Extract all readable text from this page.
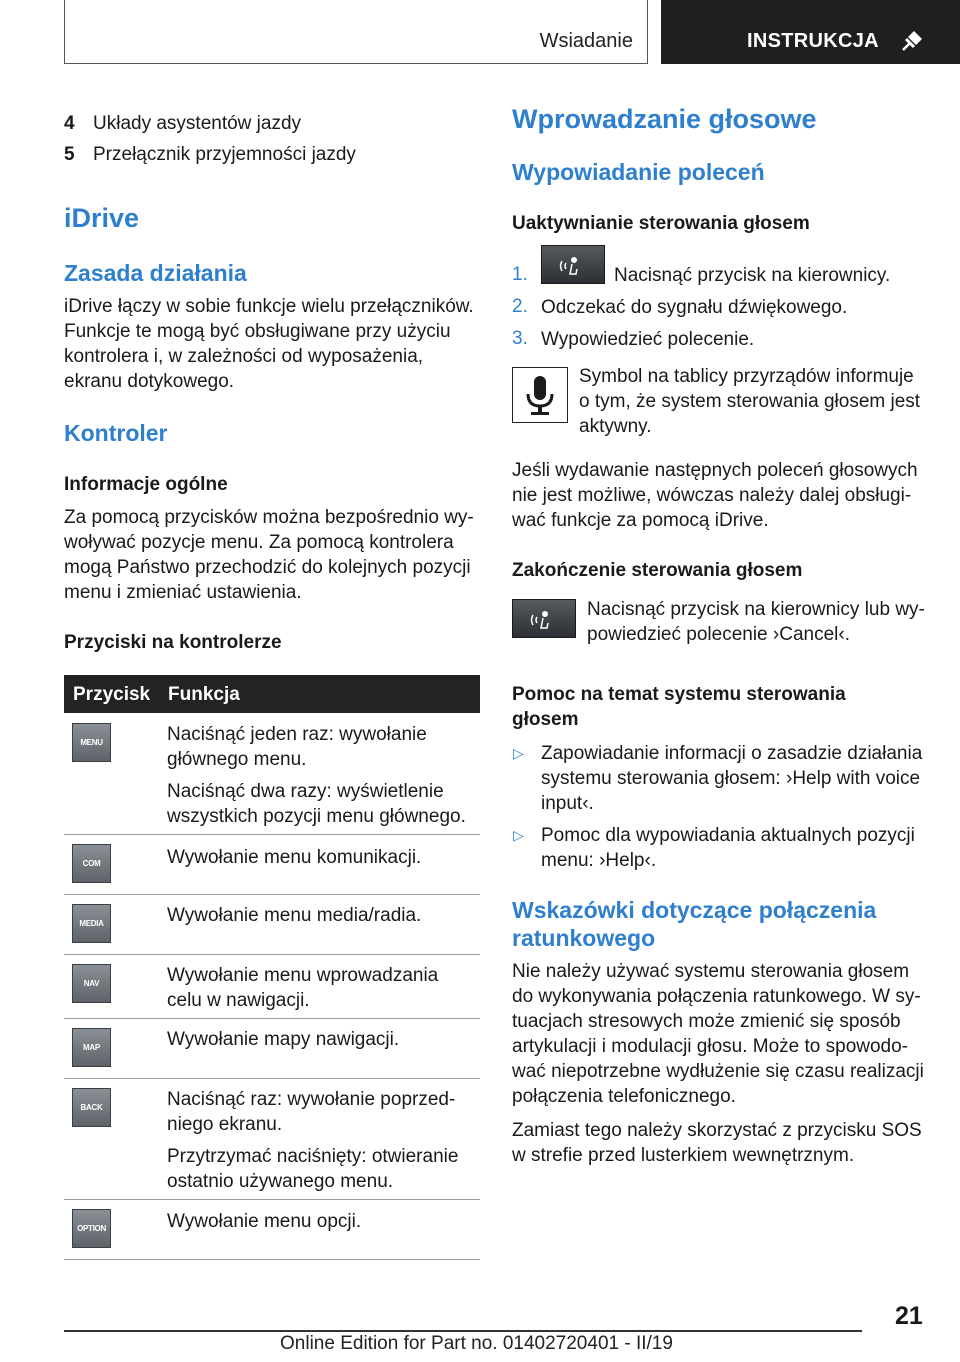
Wsiadanie	INSTRUKCJA
4 Układy asystentów jazdy
5 Przełącznik przyjemności jazdy
iDrive
Zasada działania
iDrive łączy w sobie funkcje wielu przełączników.
Funkcje te mogą być obsługiwane przy użyciu
kontrolera i, w zależności od wyposażenia,
ekranu dotykowego.
Kontroler
Informacje ogólne
Za pomocą przycisków można bezpośrednio wy‐
woływać pozycje menu. Za pomocą kontrolera
mogą Państwo przechodzić do kolejnych pozycji
menu i zmieniać ustawienia.
Przyciski na kontrolerze
Przycisk Funkcja
MENU	Naciśnąć jeden raz: wywołanie
głównego menu.
Naciśnąć dwa razy: wyświetlenie
wszystkich pozycji menu głównego.
COM	Wywołanie menu komunikacji.
MEDIA	Wywołanie menu media/radia.
NAV	Wywołanie menu wprowadzania
celu w nawigacji.
MAP	Wywołanie mapy nawigacji.
BACK	Naciśnąć raz: wywołanie poprzed‐
niego ekranu.
Przytrzymać naciśnięty: otwieranie
ostatnio używanego menu.
OPTION	Wywołanie menu opcji.
Wprowadzanie głosowe
Wypowiadanie poleceń
Uaktywnianie sterowania głosem
1.	Nacisnąć przycisk na kierownicy.
2. Odczekać do sygnału dźwiękowego.
3. Wypowiedzieć polecenie.
Symbol na tablicy przyrządów informuje
o tym, że system sterowania głosem jest
aktywny.
Jeśli wydawanie następnych poleceń głosowych
nie jest możliwe, wówczas należy dalej obsługi‐
wać funkcje za pomocą iDrive.
Zakończenie sterowania głosem
Nacisnąć przycisk na kierownicy lub wy‐
powiedzieć polecenie ›Cancel‹.
Pomoc na temat systemu sterowania
głosem
▷ Zapowiadanie informacji o zasadzie działania
systemu sterowania głosem: ›Help with voice
input‹.
▷ Pomoc dla wypowiadania aktualnych pozycji
menu: ›Help‹.
Wskazówki dotyczące połączenia
ratunkowego
Nie należy używać systemu sterowania głosem
do wykonywania połączenia ratunkowego. W sy‐
tuacjach stresowych może zmienić się sposób
artykulacji i modulacji głosu. Może to spowodo‐
wać niepotrzebne wydłużenie się czasu realizacji
połączenia telefonicznego.
Zamiast tego należy skorzystać z przycisku SOS
w strefie przed lusterkiem wewnętrznym.
21
Online Edition for Part no. 01402720401 - II/19
